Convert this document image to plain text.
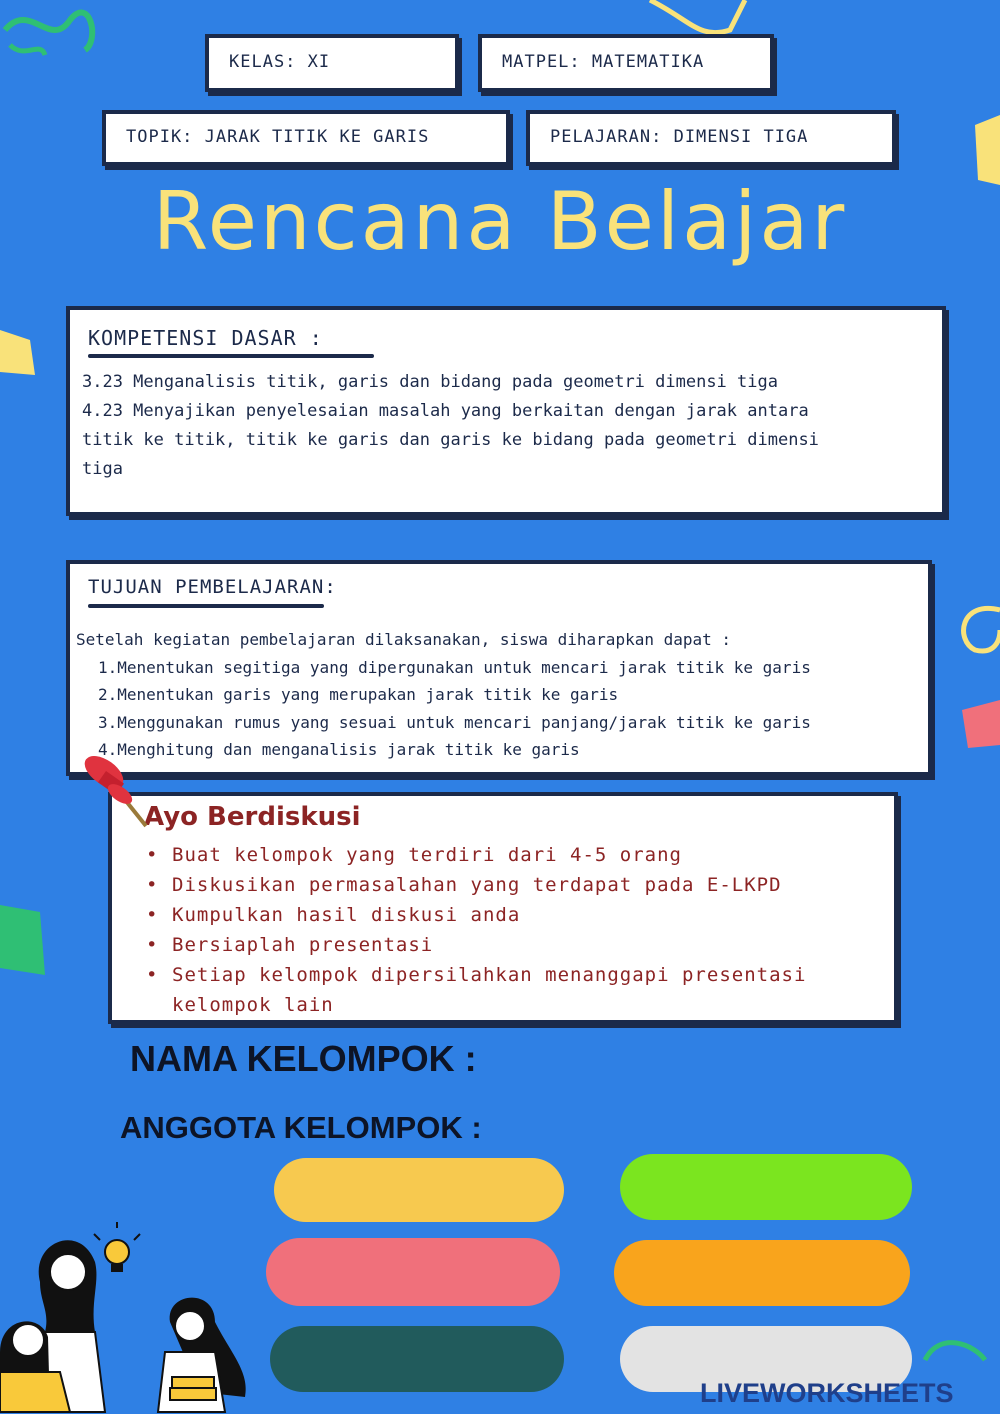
KELAS: XI	MATPEL: MATEMATIKA
TOPIK: JARAK TITIK KE GARIS	PELAJARAN: DIMENSI TIGA
Rencana Belajar
KOMPETENSI DASAR :
3.23 Menganalisis titik, garis dan bidang pada geometri dimensi tiga
4.23 Menyajikan penyelesaian masalah yang berkaitan dengan jarak antara
titik ke titik, titik ke garis dan garis ke bidang pada geometri dimensi
tiga
TUJUAN PEMBELAJARAN:
Setelah kegiatan pembelajaran dilaksanakan, siswa diharapkan dapat :
1.Menentukan segitiga yang dipergunakan untuk mencari jarak titik ke garis
2.Menentukan garis yang merupakan jarak titik ke garis
3.Menggunakan rumus yang sesuai untuk mencari panjang/jarak titik ke garis
4.Menghitung dan menganalisis jarak titik ke garis
Ayo Berdiskusi
• Buat kelompok yang terdiri dari 4-5 orang
• Diskusikan permasalahan yang terdapat pada E-LKPD
• Kumpulkan hasil diskusi anda
• Bersiaplah presentasi
• Setiap kelompok dipersilahkan menanggapi presentasi
kelompok lain
NAMA KELOMPOK :
ANGGOTA KELOMPOK :
LIVEWORKSHEETS
